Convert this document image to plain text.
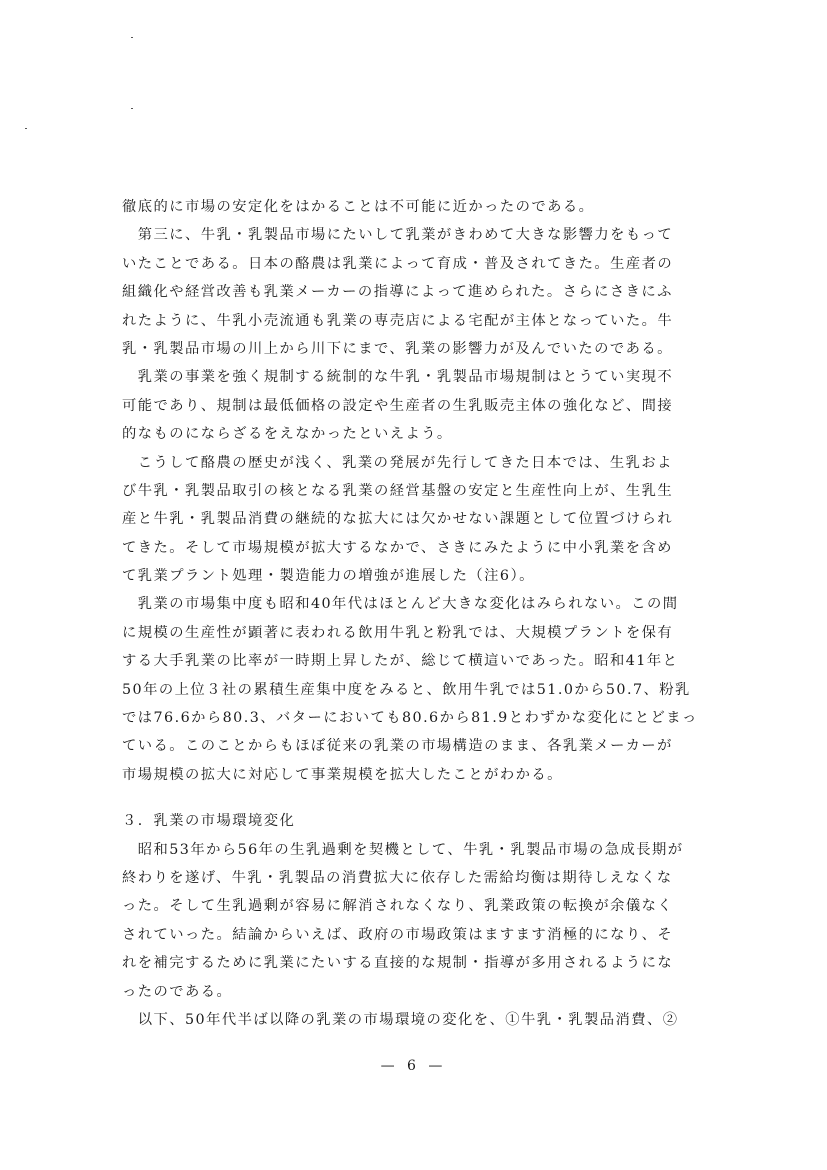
徹底的に市場の安定化をはかることは不可能に近かったのである。
　第三に、牛乳・乳製品市場にたいして乳業がきわめて大きな影響力をもって
いたことである。日本の酪農は乳業によって育成・普及されてきた。生産者の
組織化や経営改善も乳業メーカーの指導によって進められた。さらにさきにふ
れたように、牛乳小売流通も乳業の専売店による宅配が主体となっていた。牛
乳・乳製品市場の川上から川下にまで、乳業の影響力が及んでいたのである。
　乳業の事業を強く規制する統制的な牛乳・乳製品市場規制はとうてい実現不
可能であり、規制は最低価格の設定や生産者の生乳販売主体の強化など、間接
的なものにならざるをえなかったといえよう。
　こうして酪農の歴史が浅く、乳業の発展が先行してきた日本では、生乳およ
び牛乳・乳製品取引の核となる乳業の経営基盤の安定と生産性向上が、生乳生
産と牛乳・乳製品消費の継続的な拡大には欠かせない課題として位置づけられ
てきた。そして市場規模が拡大するなかで、さきにみたように中小乳業を含め
て乳業プラント処理・製造能力の増強が進展した（注6）。
　乳業の市場集中度も昭和40年代はほとんど大きな変化はみられない。この間
に規模の生産性が顕著に表われる飲用牛乳と粉乳では、大規模プラントを保有
する大手乳業の比率が一時期上昇したが、総じて横這いであった。昭和41年と
50年の上位３社の累積生産集中度をみると、飲用牛乳では51.0から50.7、粉乳
では76.6から80.3、バターにおいても80.6から81.9とわずかな変化にとどまっ
ている。このことからもほぼ従来の乳業の市場構造のまま、各乳業メーカーが
市場規模の拡大に対応して事業規模を拡大したことがわかる。
３．乳業の市場環境変化
　昭和53年から56年の生乳過剰を契機として、牛乳・乳製品市場の急成長期が
終わりを遂げ、牛乳・乳製品の消費拡大に依存した需給均衡は期待しえなくな
った。そして生乳過剰が容易に解消されなくなり、乳業政策の転換が余儀なく
されていった。結論からいえば、政府の市場政策はますます消極的になり、そ
れを補完するために乳業にたいする直接的な規制・指導が多用されるようにな
ったのである。
　以下、50年代半ば以降の乳業の市場環境の変化を、①牛乳・乳製品消費、②
— 6 —
